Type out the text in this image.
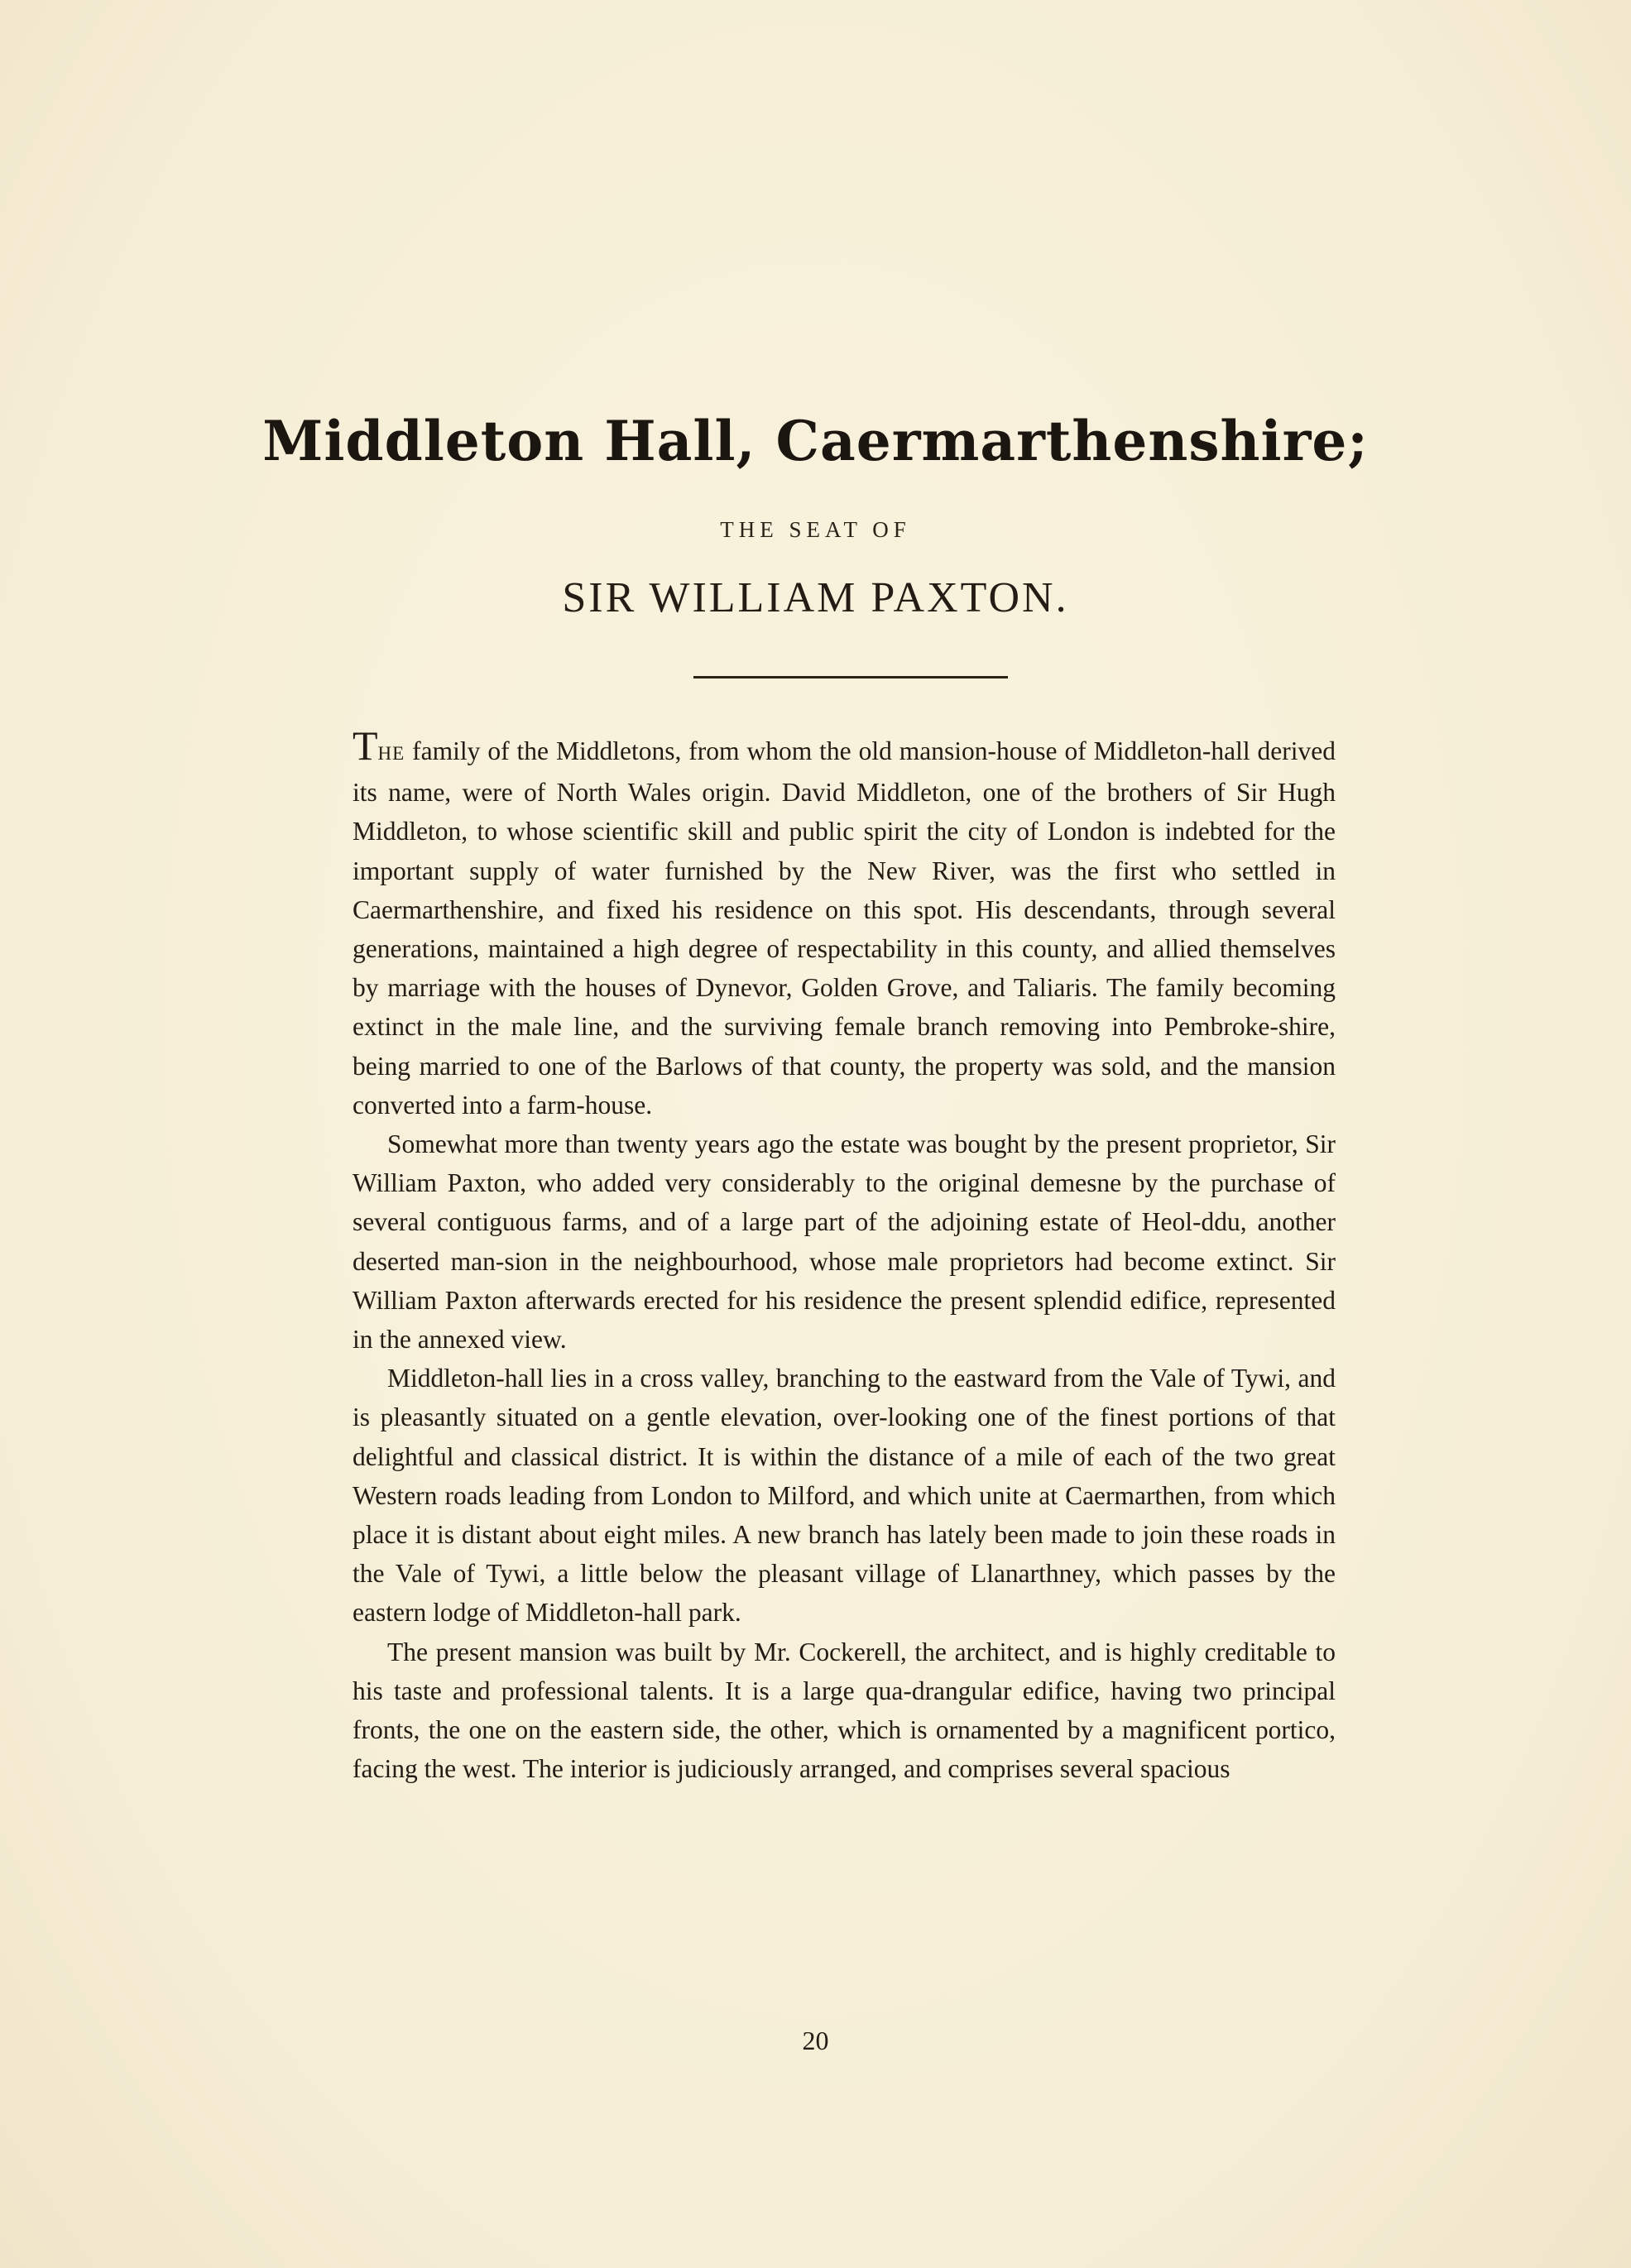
Middleton Hall, Caermarthenshire;
THE SEAT OF
SIR WILLIAM PAXTON.

THE family of the Middletons, from whom the old mansion-house of Middleton-hall derived its name, were of North Wales origin. David Middleton, one of the brothers of Sir Hugh Middleton, to whose scientific skill and public spirit the city of London is indebted for the important supply of water furnished by the New River, was the first who settled in Caermarthenshire, and fixed his residence on this spot. His descendants, through several generations, maintained a high degree of respectability in this county, and allied themselves by marriage with the houses of Dynevor, Golden Grove, and Taliaris. The family becoming extinct in the male line, and the surviving female branch removing into Pembroke-shire, being married to one of the Barlows of that county, the property was sold, and the mansion converted into a farm-house.

Somewhat more than twenty years ago the estate was bought by the present proprietor, Sir William Paxton, who added very considerably to the original demesne by the purchase of several contiguous farms, and of a large part of the adjoining estate of Heol-ddu, another deserted man-sion in the neighbourhood, whose male proprietors had become extinct. Sir William Paxton afterwards erected for his residence the present splendid edifice, represented in the annexed view.

Middleton-hall lies in a cross valley, branching to the eastward from the Vale of Tywi, and is pleasantly situated on a gentle elevation, over-looking one of the finest portions of that delightful and classical district. It is within the distance of a mile of each of the two great Western roads leading from London to Milford, and which unite at Caermarthen, from which place it is distant about eight miles. A new branch has lately been made to join these roads in the Vale of Tywi, a little below the pleasant village of Llanarthney, which passes by the eastern lodge of Middleton-hall park.

The present mansion was built by Mr. Cockerell, the architect, and is highly creditable to his taste and professional talents. It is a large qua-drangular edifice, having two principal fronts, the one on the eastern side, the other, which is ornamented by a magnificent portico, facing the west. The interior is judiciously arranged, and comprises several spacious

20
